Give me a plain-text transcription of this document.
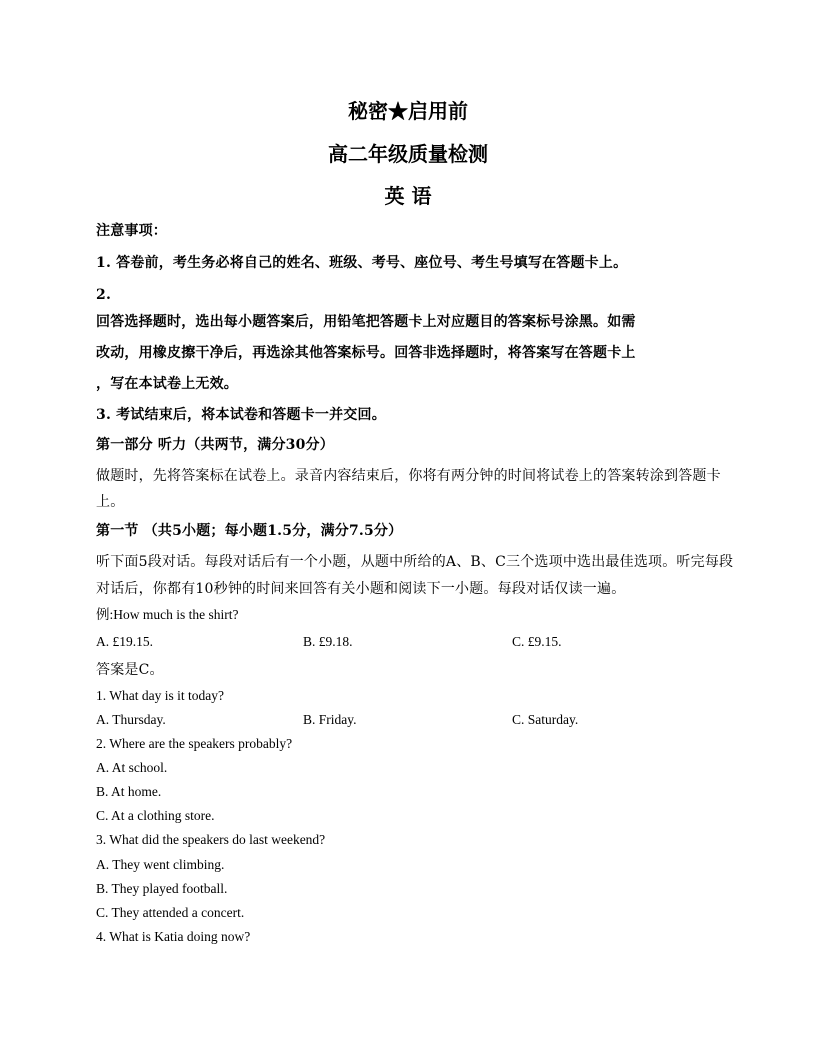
秘密★启用前
高二年级质量检测
英 语
注意事项：
1. 答卷前，考生务必将自己的姓名、班级、考号、座位号、考生号填写在答题卡上。
2.
回答选择题时，选出每小题答案后，用铅笔把答题卡上对应题目的答案标号涂黑。如需
改动，用橡皮擦干净后，再选涂其他答案标号。回答非选择题时，将答案写在答题卡上
，写在本试卷上无效。
3. 考试结束后，将本试卷和答题卡一并交回。
第一部分 听力（共两节，满分30分）
做题时，先将答案标在试卷上。录音内容结束后，你将有两分钟的时间将试卷上的答案转涂到答题卡
上。
第一节 （共5小题；每小题1.5分，满分7.5分）
听下面5段对话。每段对话后有一个小题，从题中所给的A、B、C三个选项中选出最佳选项。听完每段
对话后，你都有10秒钟的时间来回答有关小题和阅读下一小题。每段对话仅读一遍。
例:How much is the shirt?
A. £19.15.	B. £9.18.	C. £9.15.
答案是C。
1. What day is it today?
A. Thursday.	B. Friday.	C. Saturday.
2. Where are the speakers probably?
A. At school.
B. At home.
C. At a clothing store.
3. What did the speakers do last weekend?
A. They went climbing.
B. They played football.
C. They attended a concert.
4. What is Katia doing now?
